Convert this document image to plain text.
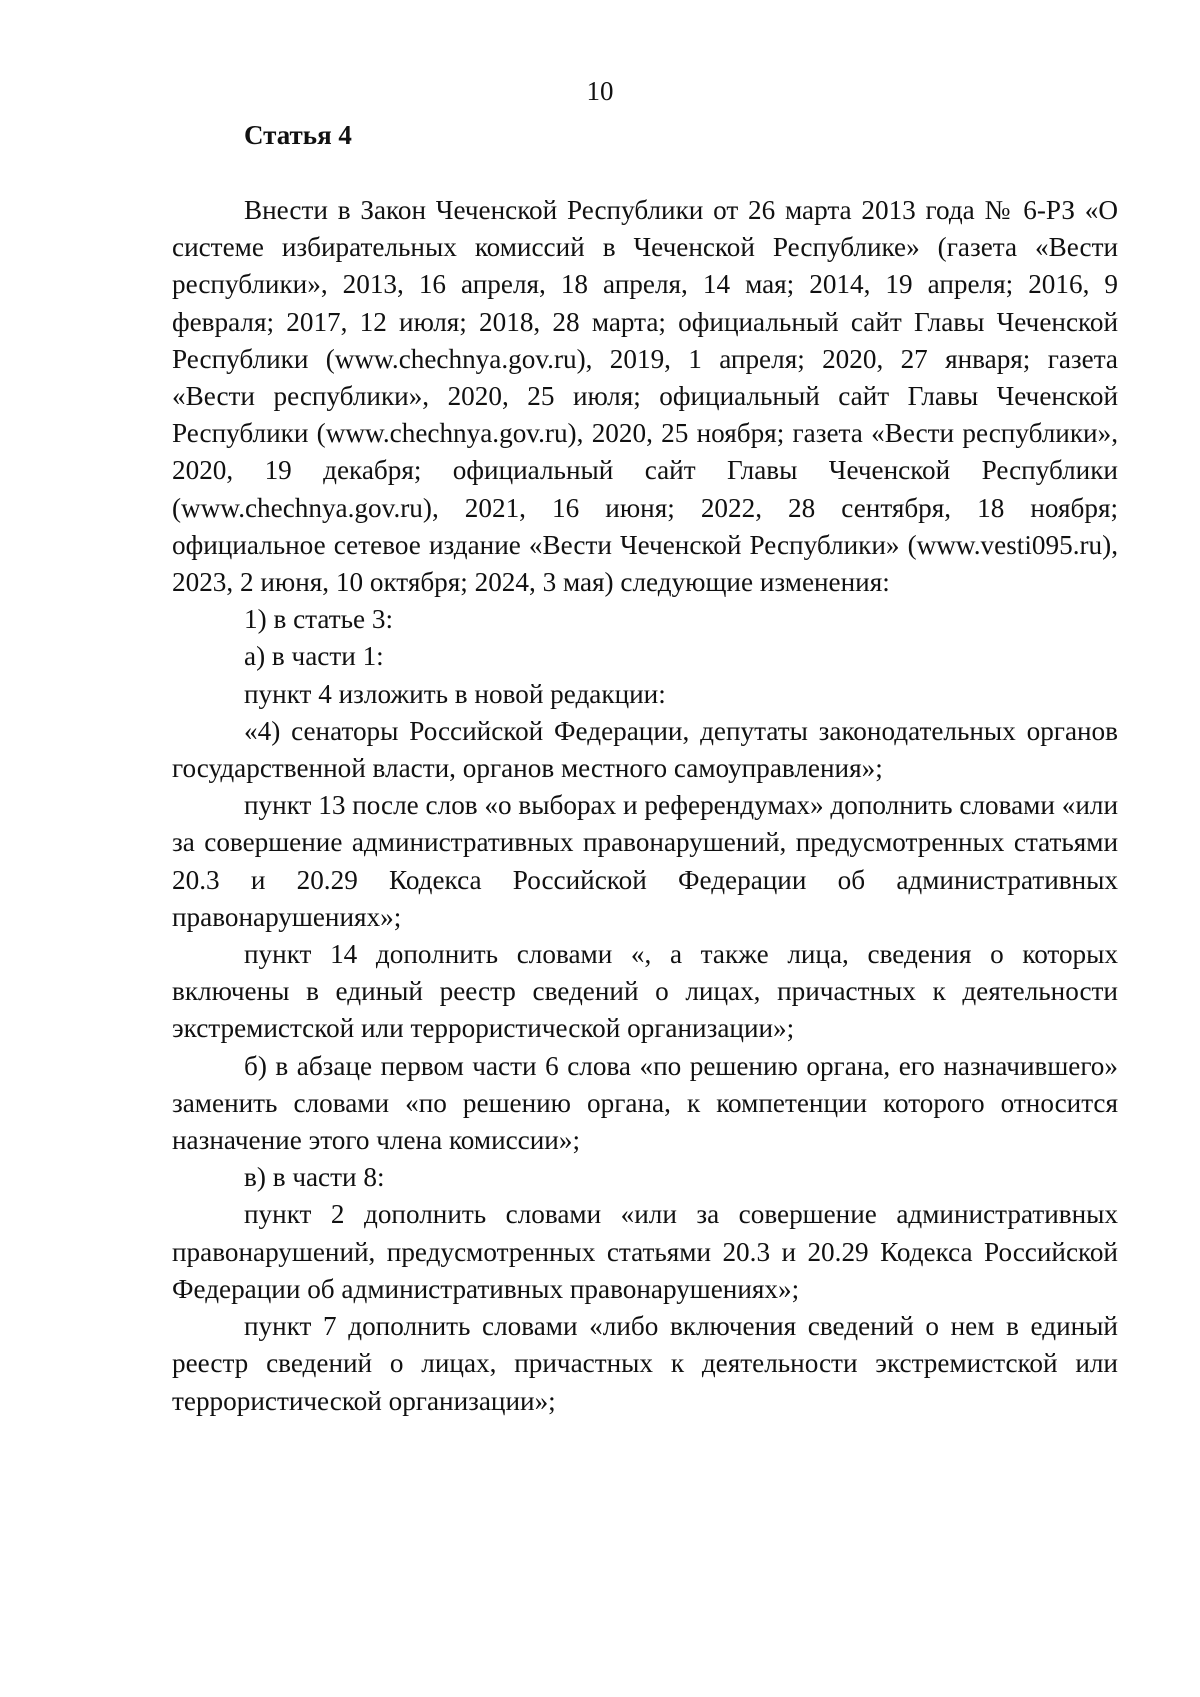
10
Статья 4

Внести в Закон Чеченской Республики от 26 марта 2013 года № 6-РЗ «О системе избирательных комиссий в Чеченской Республике» (газета «Вести республики», 2013, 16 апреля, 18 апреля, 14 мая; 2014, 19 апреля; 2016, 9 февраля; 2017, 12 июля; 2018, 28 марта; официальный сайт Главы Чеченской Республики (www.chechnya.gov.ru), 2019, 1 апреля; 2020, 27 января; газета «Вести республики», 2020, 25 июля; официальный сайт Главы Чеченской Республики (www.chechnya.gov.ru), 2020, 25 ноября; газета «Вести республики», 2020, 19 декабря; официальный сайт Главы Чеченской Республики (www.chechnya.gov.ru), 2021, 16 июня; 2022, 28 сентября, 18 ноября; официальное сетевое издание «Вести Чеченской Республики» (www.vesti095.ru), 2023, 2 июня, 10 октября; 2024, 3 мая) следующие изменения:

1) в статье 3:

а) в части 1:

пункт 4 изложить в новой редакции:

«4) сенаторы Российской Федерации, депутаты законодательных органов государственной власти, органов местного самоуправления»;

пункт 13 после слов «о выборах и референдумах» дополнить словами «или за совершение административных правонарушений, предусмотренных статьями 20.3 и 20.29 Кодекса Российской Федерации об административных правонарушениях»;

пункт 14 дополнить словами «, а также лица, сведения о которых включены в единый реестр сведений о лицах, причастных к деятельности экстремистской или террористической организации»;

б) в абзаце первом части 6 слова «по решению органа, его назначившего» заменить словами «по решению органа, к компетенции которого относится назначение этого члена комиссии»;

в) в части 8:

пункт 2 дополнить словами «или за совершение административных правонарушений, предусмотренных статьями 20.3 и 20.29 Кодекса Российской Федерации об административных правонарушениях»;

пункт 7 дополнить словами «либо включения сведений о нем в единый реестр сведений о лицах, причастных к деятельности экстремистской или террористической организации»;
